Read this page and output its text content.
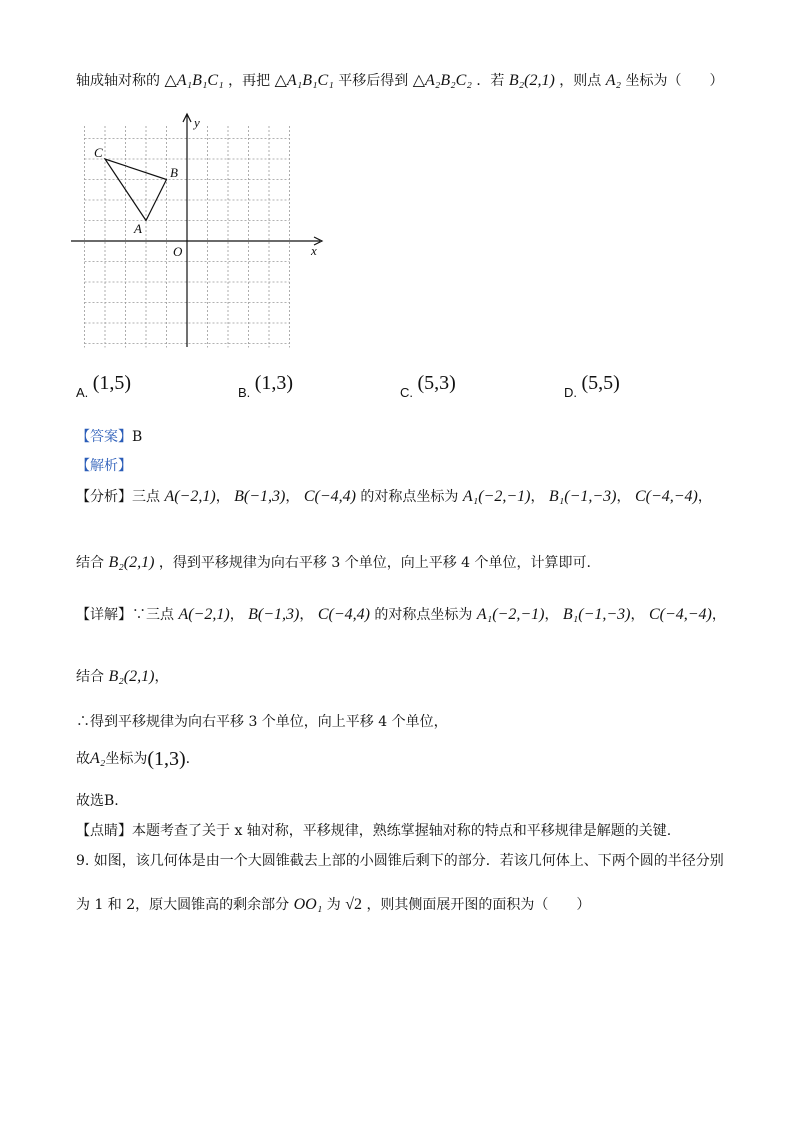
轴成轴对称的 △A₁B₁C₁ ，再把 △A₁B₁C₁ 平移后得到 △A₂B₂C₂ ．若 B₂(2,1) ，则点 A₂ 坐标为（　　）
y
x
O
A
B
C
A. (1,5)	B. (1,3)	C. (5,3)	D. (5,5)
【答案】B
【解析】
【分析】三点 A(−2,1)， B(−1,3)， C(−4,4) 的对称点坐标为 A₁(−2,−1)， B₁(−1,−3)， C(−4,−4)，
结合 B₂(2,1) ，得到平移规律为向右平移 3 个单位，向上平移 4 个单位，计算即可.
【详解】∵三点 A(−2,1)， B(−1,3)， C(−4,4) 的对称点坐标为 A₁(−2,−1)， B₁(−1,−3)， C(−4,−4)，
结合 B₂(2,1)，
∴得到平移规律为向右平移 3 个单位，向上平移 4 个单位，
故A₂坐标为(1,3).
故选B.
【点睛】本题考查了关于 x 轴对称，平移规律，熟练掌握轴对称的特点和平移规律是解题的关键.
9. 如图，该几何体是由一个大圆锥截去上部的小圆锥后剩下的部分．若该几何体上、下两个圆的半径分别
为 1 和 2，原大圆锥高的剩余部分 OO₁ 为 √2 ，则其侧面展开图的面积为（　　）
